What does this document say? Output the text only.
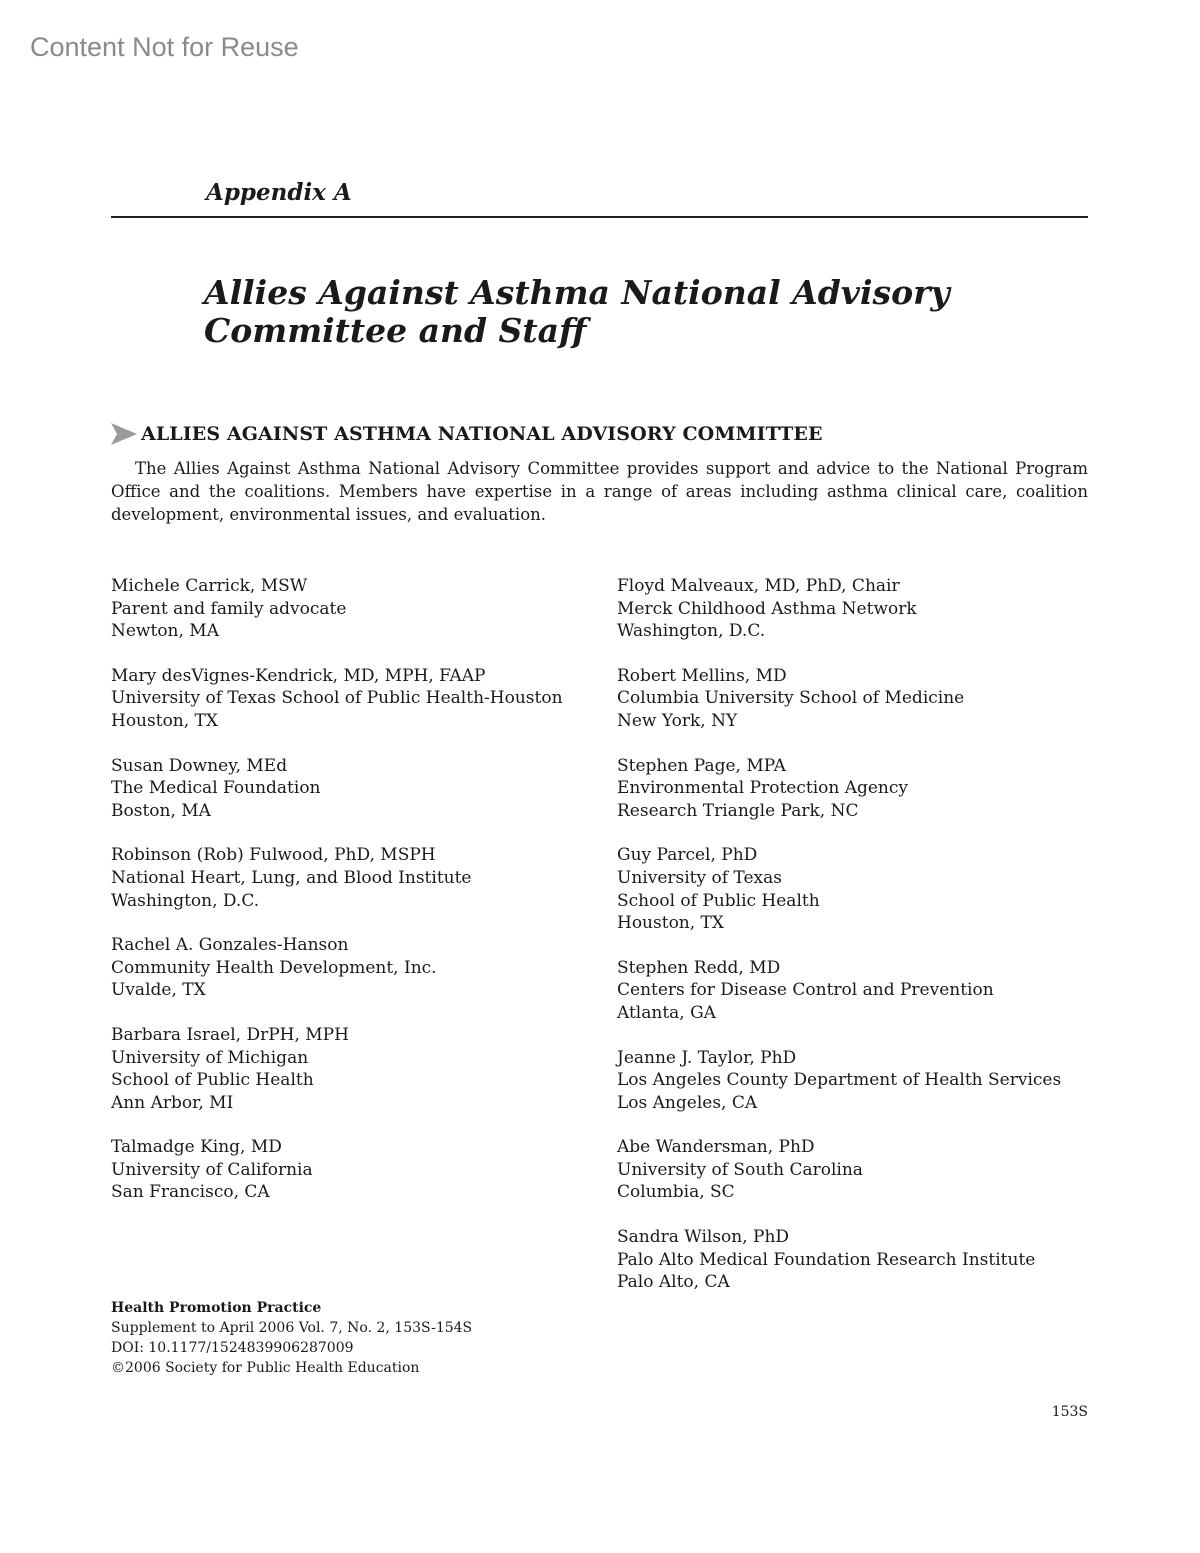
Content Not for Reuse
Appendix A
Allies Against Asthma National Advisory
Committee and Staff
ALLIES AGAINST ASTHMA NATIONAL ADVISORY COMMITTEE

The Allies Against Asthma National Advisory Committee provides support and advice to the National Program Office and the coalitions. Members have expertise in a range of areas including asthma clinical care, coalition development, environmental issues, and evaluation.

Michele Carrick, MSW
Parent and family advocate
Newton, MA
Mary desVignes-Kendrick, MD, MPH, FAAP
University of Texas School of Public Health-Houston
Houston, TX
Susan Downey, MEd
The Medical Foundation
Boston, MA
Robinson (Rob) Fulwood, PhD, MSPH
National Heart, Lung, and Blood Institute
Washington, D.C.
Rachel A. Gonzales-Hanson
Community Health Development, Inc.
Uvalde, TX
Barbara Israel, DrPH, MPH
University of Michigan
School of Public Health
Ann Arbor, MI
Talmadge King, MD
University of California
San Francisco, CA
Floyd Malveaux, MD, PhD, Chair
Merck Childhood Asthma Network
Washington, D.C.
Robert Mellins, MD
Columbia University School of Medicine
New York, NY
Stephen Page, MPA
Environmental Protection Agency
Research Triangle Park, NC
Guy Parcel, PhD
University of Texas
School of Public Health
Houston, TX
Stephen Redd, MD
Centers for Disease Control and Prevention
Atlanta, GA
Jeanne J. Taylor, PhD
Los Angeles County Department of Health Services
Los Angeles, CA
Abe Wandersman, PhD
University of South Carolina
Columbia, SC
Sandra Wilson, PhD
Palo Alto Medical Foundation Research Institute
Palo Alto, CA
Health Promotion Practice
Supplement to April 2006 Vol. 7, No. 2, 153S-154S
DOI: 10.1177/1524839906287009
©2006 Society for Public Health Education
153S
